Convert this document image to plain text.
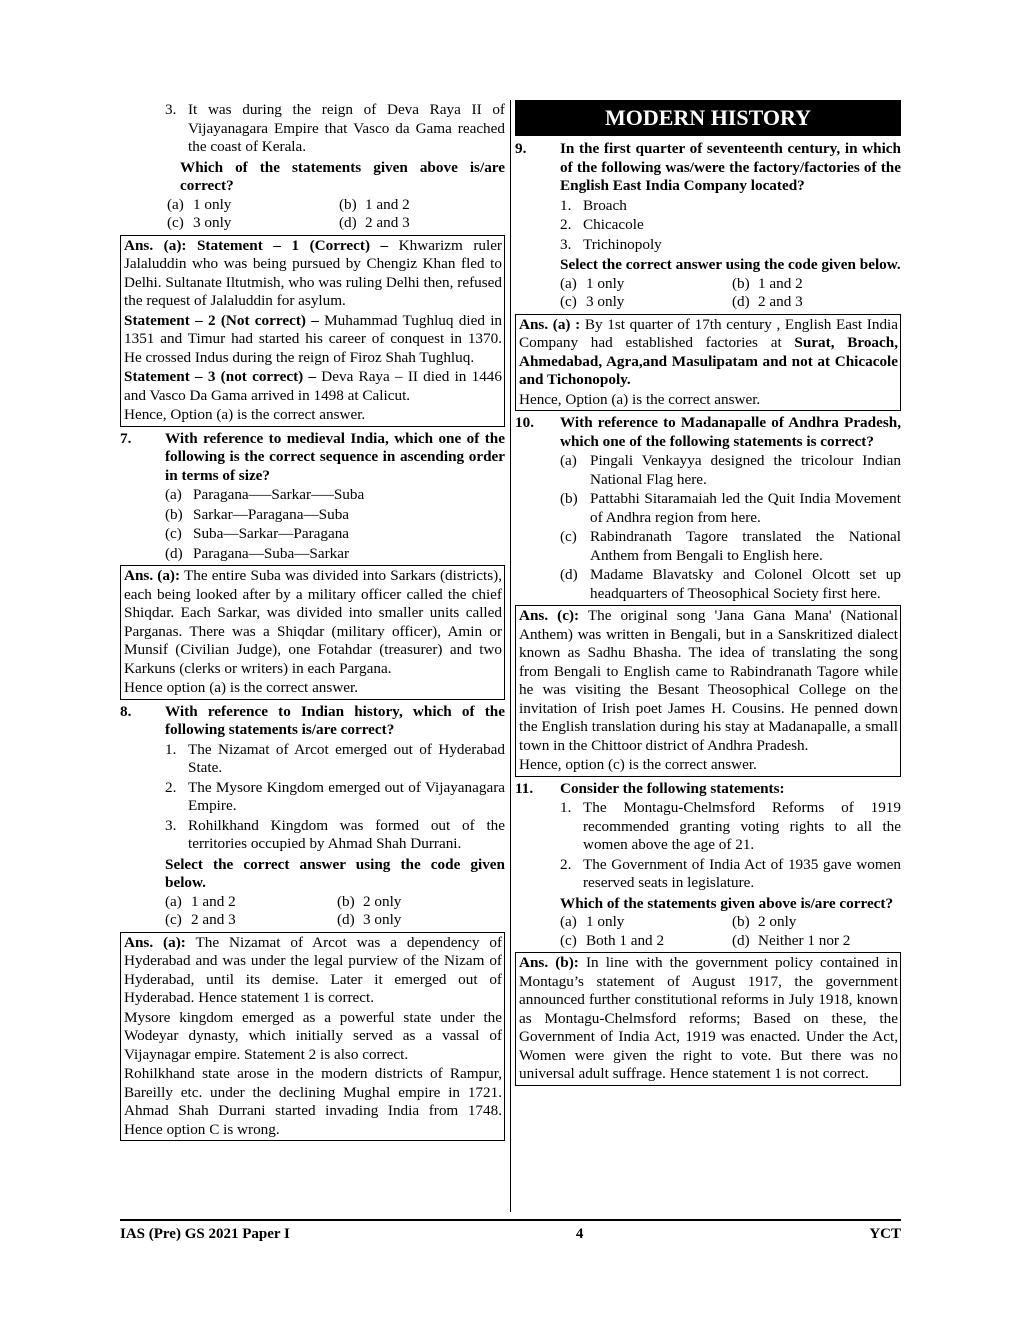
3. It was during the reign of Deva Raya II of Vijayanagara Empire that Vasco da Gama reached the coast of Kerala.
Which of the statements given above is/are correct?
(a) 1 only	(b) 1 and 2
(c) 3 only	(d) 2 and 3
Ans. (a): Statement – 1 (Correct) – Khwarizm ruler Jalaluddin who was being pursued by Chengiz Khan fled to Delhi. Sultanate Iltutmish, who was ruling Delhi then, refused the request of Jalaluddin for asylum.
Statement – 2 (Not correct) – Muhammad Tughluq died in 1351 and Timur had started his career of conquest in 1370. He crossed Indus during the reign of Firoz Shah Tughluq.
Statement – 3 (not correct) – Deva Raya – II died in 1446 and Vasco Da Gama arrived in 1498 at Calicut.
Hence, Option (a) is the correct answer.
7.	With reference to medieval India, which one of the following is the correct sequence in ascending order in terms of size?
(a) Paragana—–Sarkar—–Suba
(b) Sarkar—Paragana—Suba
(c) Suba—Sarkar—Paragana
(d) Paragana—Suba—Sarkar
Ans. (a): The entire Suba was divided into Sarkars (districts), each being looked after by a military officer called the chief Shiqdar. Each Sarkar, was divided into smaller units called Parganas. There was a Shiqdar (military officer), Amin or Munsif (Civilian Judge), one Fotahdar (treasurer) and two Karkuns (clerks or writers) in each Pargana.
Hence option (a) is the correct answer.
8.	With reference to Indian history, which of the following statements is/are correct?
1. The Nizamat of Arcot emerged out of Hyderabad State.
2. The Mysore Kingdom emerged out of Vijayanagara Empire.
3. Rohilkhand Kingdom was formed out of the territories occupied by Ahmad Shah Durrani.
Select the correct answer using the code given below.
(a) 1 and 2	(b) 2 only
(c) 2 and 3	(d) 3 only
Ans. (a): The Nizamat of Arcot was a dependency of Hyderabad and was under the legal purview of the Nizam of Hyderabad, until its demise. Later it emerged out of Hyderabad. Hence statement 1 is correct.
Mysore kingdom emerged as a powerful state under the Wodeyar dynasty, which initially served as a vassal of Vijaynagar empire. Statement 2 is also correct.
Rohilkhand state arose in the modern districts of Rampur, Bareilly etc. under the declining Mughal empire in 1721. Ahmad Shah Durrani started invading India from 1748. Hence option C is wrong.
MODERN HISTORY
9.	In the first quarter of seventeenth century, in which of the following was/were the factory/factories of the English East India Company located?
1. Broach
2. Chicacole
3. Trichinopoly
Select the correct answer using the code given below.
(a) 1 only	(b) 1 and 2
(c) 3 only	(d) 2 and 3
Ans. (a) : By 1st quarter of 17th century , English East India Company had established factories at Surat, Broach, Ahmedabad, Agra,and Masulipatam and not at Chicacole and Tichonopoly.
Hence, Option (a) is the correct answer.
10.	With reference to Madanapalle of Andhra Pradesh, which one of the following statements is correct?
(a) Pingali Venkayya designed the tricolour Indian National Flag here.
(b) Pattabhi Sitaramaiah led the Quit India Movement of Andhra region from here.
(c) Rabindranath Tagore translated the National Anthem from Bengali to English here.
(d) Madame Blavatsky and Colonel Olcott set up headquarters of Theosophical Society first here.
Ans. (c): The original song 'Jana Gana Mana' (National Anthem) was written in Bengali, but in a Sanskritized dialect known as Sadhu Bhasha. The idea of translating the song from Bengali to English came to Rabindranath Tagore while he was visiting the Besant Theosophical College on the invitation of Irish poet James H. Cousins. He penned down the English translation during his stay at Madanapalle, a small town in the Chittoor district of Andhra Pradesh.
Hence, option (c) is the correct answer.
11.	Consider the following statements:
1. The Montagu-Chelmsford Reforms of 1919 recommended granting voting rights to all the women above the age of 21.
2. The Government of India Act of 1935 gave women reserved seats in legislature.
Which of the statements given above is/are correct?
(a) 1 only	(b) 2 only
(c) Both 1 and 2	(d) Neither 1 nor 2
Ans. (b): In line with the government policy contained in Montagu’s statement of August 1917, the government announced further constitutional reforms in July 1918, known as Montagu-Chelmsford reforms; Based on these, the Government of India Act, 1919 was enacted. Under the Act, Women were given the right to vote. But there was no universal adult suffrage. Hence statement 1 is not correct.
IAS (Pre) GS 2021 Paper I	4	YCT
